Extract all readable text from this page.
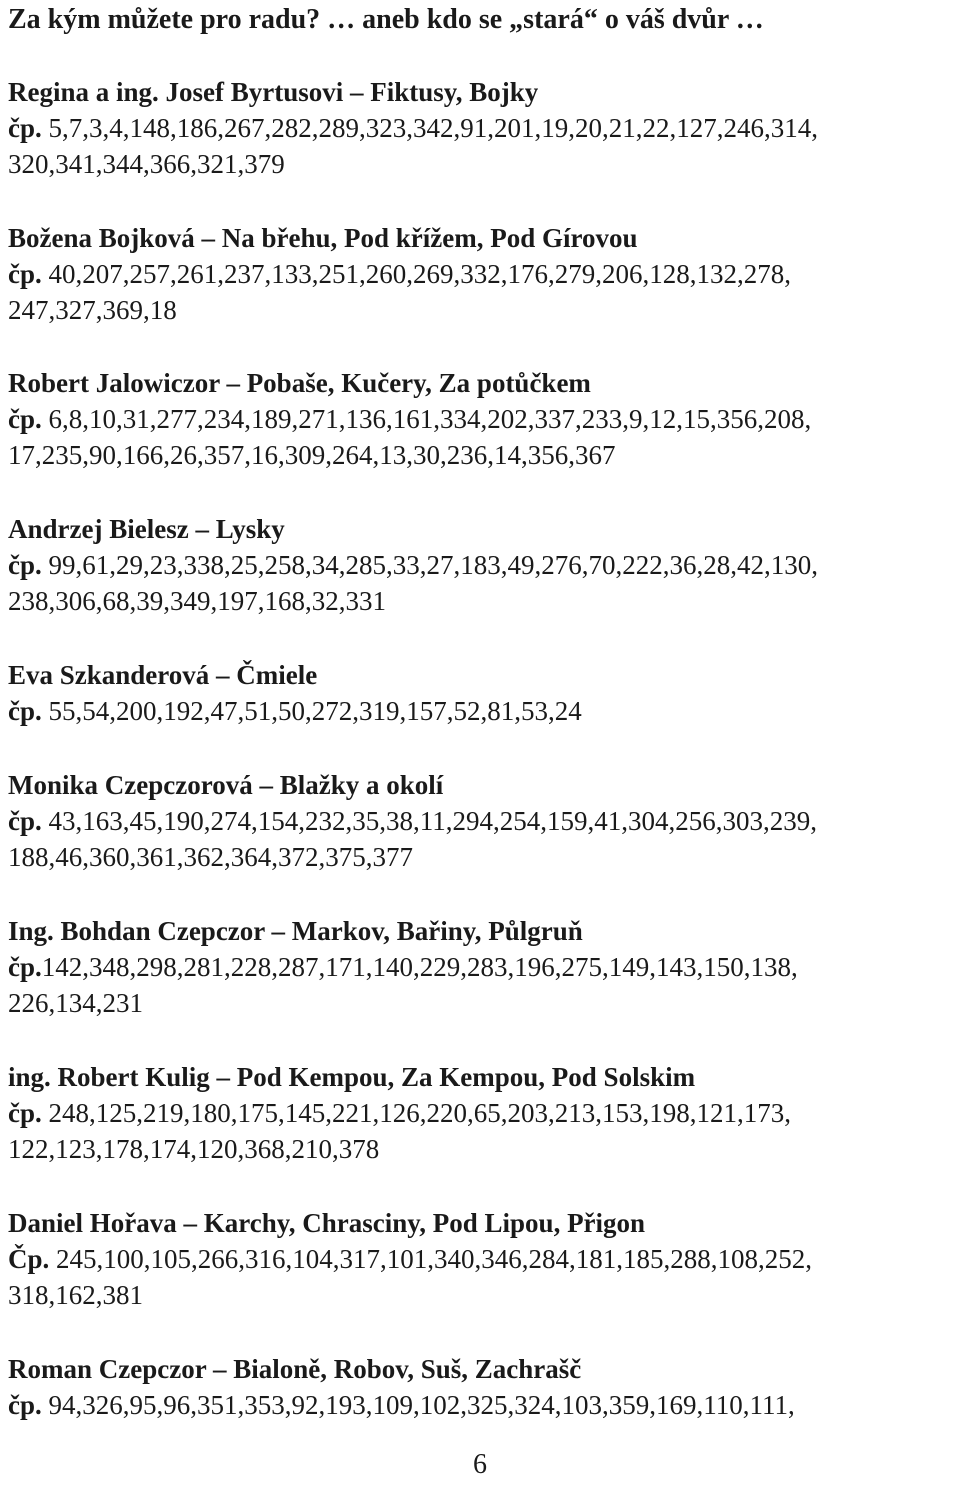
Za kým můžete pro radu? … aneb kdo se „stará“ o váš dvůr …
Regina a ing. Josef Byrtusovi – Fiktusy, Bojky
čp. 5,7,3,4,148,186,267,282,289,323,342,91,201,19,20,21,22,127,246,314,
320,341,344,366,321,379
Božena Bojková – Na břehu, Pod křížem, Pod Gírovou
čp. 40,207,257,261,237,133,251,260,269,332,176,279,206,128,132,278,
247,327,369,18
Robert Jalowiczor – Pobaše, Kučery, Za potůčkem
čp. 6,8,10,31,277,234,189,271,136,161,334,202,337,233,9,12,15,356,208,
17,235,90,166,26,357,16,309,264,13,30,236,14,356,367
Andrzej Bielesz – Lysky
čp. 99,61,29,23,338,25,258,34,285,33,27,183,49,276,70,222,36,28,42,130,
238,306,68,39,349,197,168,32,331
Eva Szkanderová – Čmiele
čp. 55,54,200,192,47,51,50,272,319,157,52,81,53,24
Monika Czepczorová – Blažky a okolí
čp. 43,163,45,190,274,154,232,35,38,11,294,254,159,41,304,256,303,239,
188,46,360,361,362,364,372,375,377
Ing. Bohdan Czepczor – Markov, Bařiny, Půlgruň
čp.142,348,298,281,228,287,171,140,229,283,196,275,149,143,150,138,
226,134,231
ing. Robert Kulig – Pod Kempou, Za Kempou, Pod Solskim
čp. 248,125,219,180,175,145,221,126,220,65,203,213,153,198,121,173,
122,123,178,174,120,368,210,378
Daniel Hořava – Karchy, Chrasciny, Pod Lipou, Přigon
Čp. 245,100,105,266,316,104,317,101,340,346,284,181,185,288,108,252,
318,162,381
Roman Czepczor – Bialoně, Robov, Suš, Zachrašč
čp. 94,326,95,96,351,353,92,193,109,102,325,324,103,359,169,110,111,
6
